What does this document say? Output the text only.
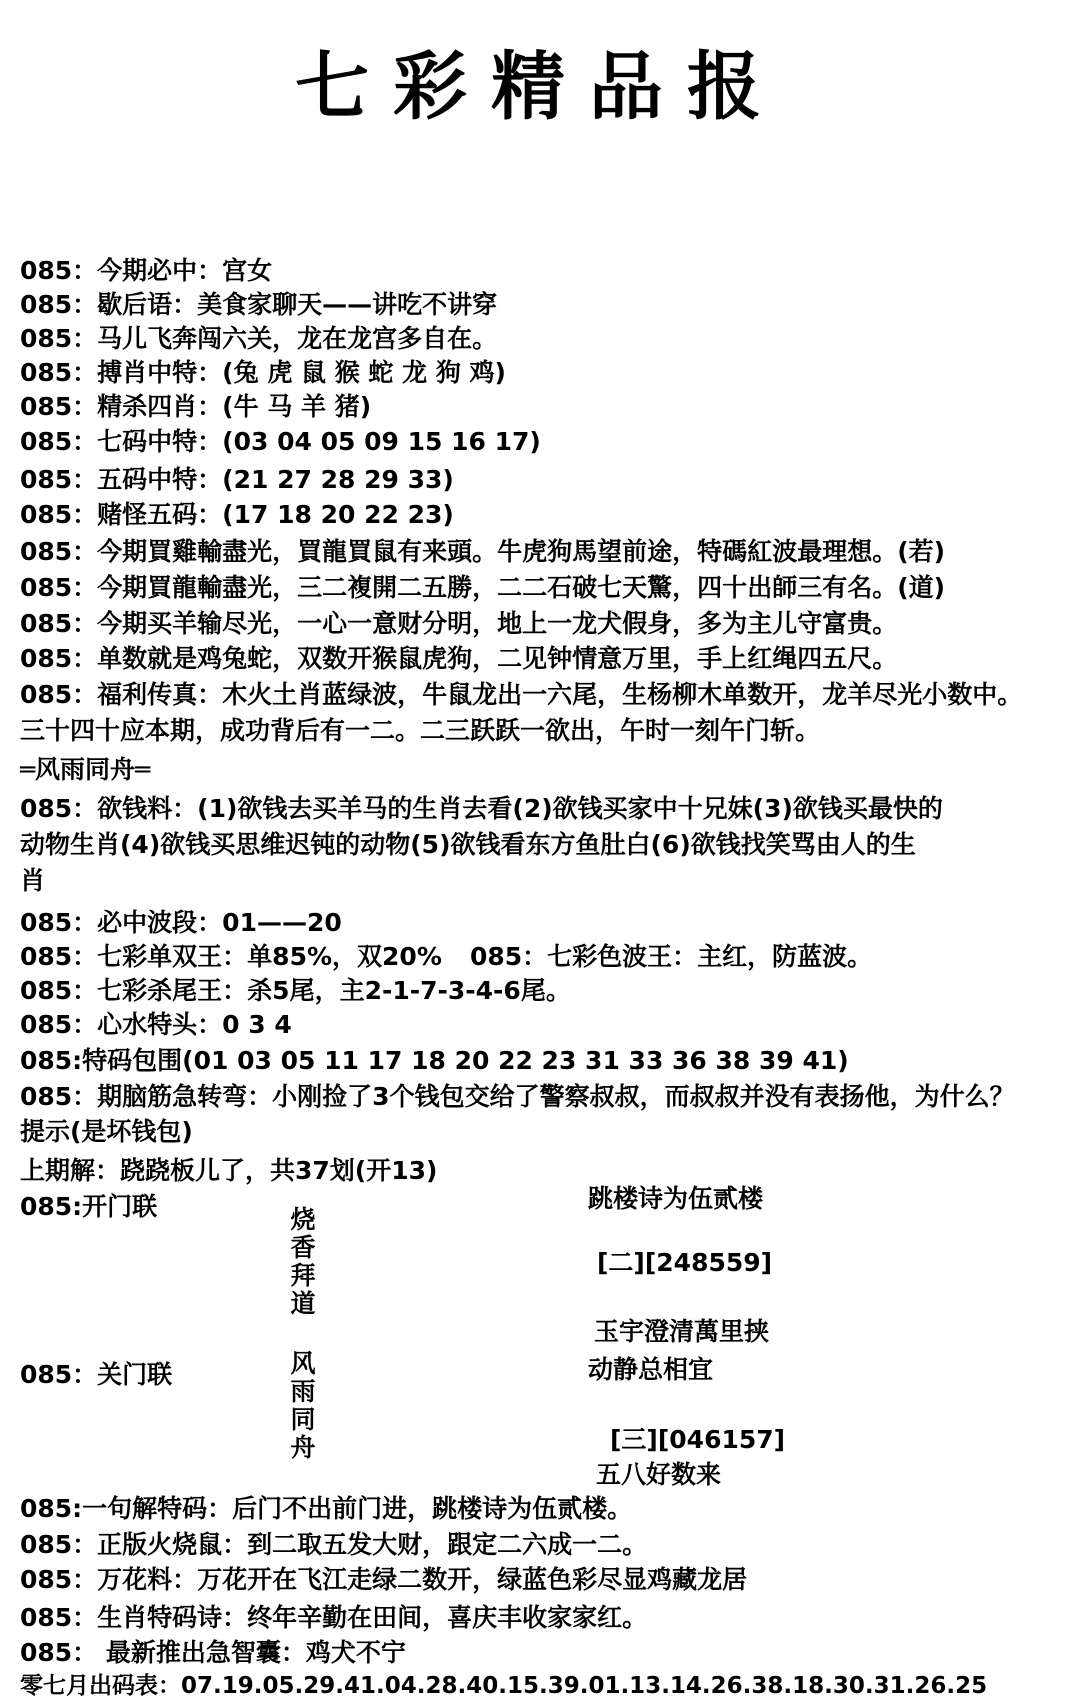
七彩精品报
085：今期必中：宫女
085：歇后语：美食家聊天——讲吃不讲穿
085：马儿飞奔闯六关，龙在龙宫多自在。
085：搏肖中特：(兔 虎 鼠 猴 蛇 龙 狗 鸡)
085：精杀四肖：(牛 马 羊 猪)
085：七码中特：(03 04 05 09 15 16 17)
085：五码中特：(21 27 28 29 33)
085：赌怪五码：(17 18 20 22 23)
085：今期買雞輸盡光，買龍買鼠有来頭。牛虎狗馬望前途，特碼紅波最理想。(若)
085：今期買龍輸盡光，三二複開二五勝，二二石破七天驚，四十出師三有名。(道)
085：今期买羊输尽光，一心一意财分明，地上一龙犬假身，多为主儿守富贵。
085：单数就是鸡兔蛇，双数开猴鼠虎狗，二见钟情意万里，手上红绳四五尺。
085：福利传真：木火土肖蓝绿波，牛鼠龙出一六尾，生杨柳木单数开，龙羊尽光小数中。
三十四十应本期，成功背后有一二。二三跃跃一欲出，午时一刻午门斩。
═风雨同舟═
085：欲钱料：(1)欲钱去买羊马的生肖去看(2)欲钱买家中十兄妹(3)欲钱买最快的
动物生肖(4)欲钱买思维迟钝的动物(5)欲钱看东方鱼肚白(6)欲钱找笑骂由人的生
肖
085：必中波段：01——20
085：七彩单双王：单85%，双20% 085：七彩色波王：主红，防蓝波。
085：七彩杀尾王：杀5尾，主2-1-7-3-4-6尾。
085：心水特头：0 3 4
085:特码包围(01 03 05 11 17 18 20 22 23 31 33 36 38 39 41)
085：期脑筋急转弯：小刚捡了3个钱包交给了警察叔叔，而叔叔并没有表扬他，为什么？
提示(是坏钱包)
上期解：跷跷板儿了，共37划(开13)
085:开门联	烧香拜道
085：关门联	风雨同舟
跳楼诗为伍贰楼
[二][248559]
玉宇澄清萬里挟
动静总相宜
[三][046157]
五八好数来
085:一句解特码：后门不出前门进，跳楼诗为伍贰楼。
085：正版火烧鼠：到二取五发大财，跟定二六成一二。
085：万花料：万花开在飞江走绿二数开，绿蓝色彩尽显鸡藏龙居
085：生肖特码诗：终年辛勤在田间，喜庆丰收家家红。
085： 最新推出急智囊：鸡犬不宁
零七月出码表：07.19.05.29.41.04.28.40.15.39.01.13.14.26.38.18.30.31.26.25
